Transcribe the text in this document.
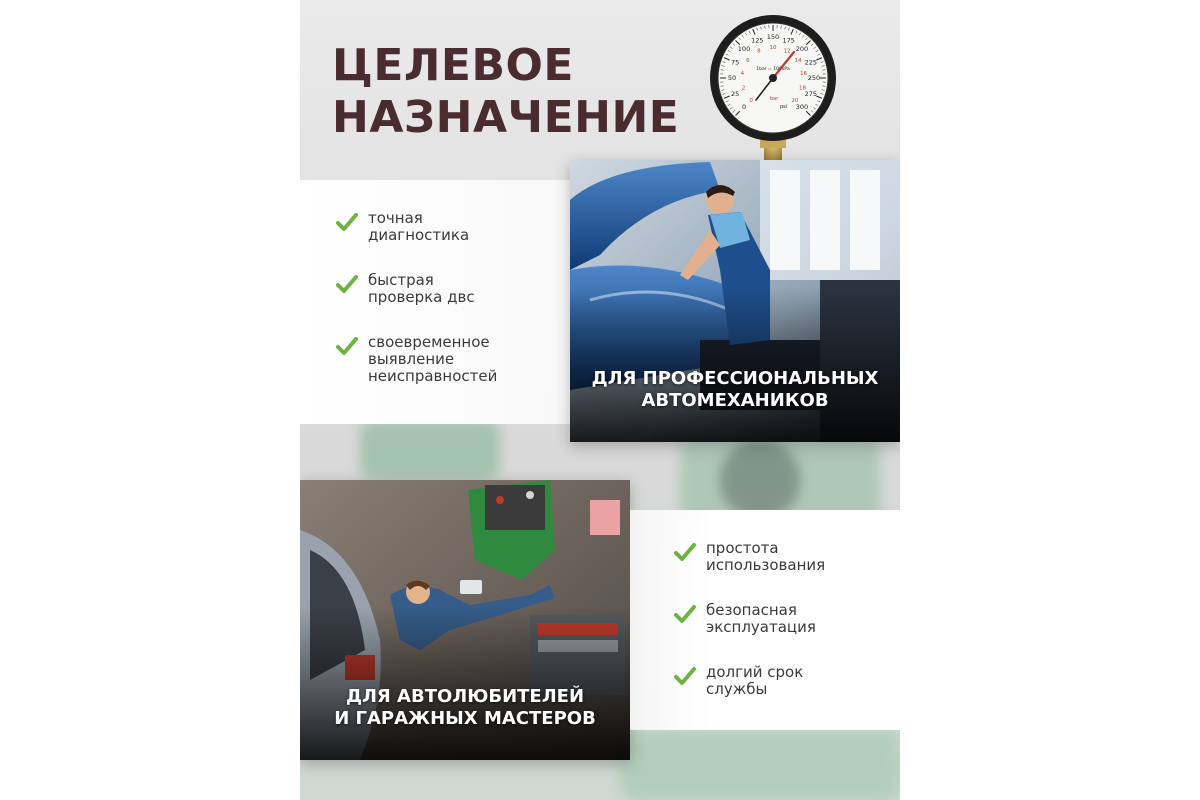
ЦЕЛЕВОЕ
НАЗНАЧЕНИЕ	0
25
50
75
100
125 150 175
200
225
250
275
300
0
2
4
6
8
10
12
14
16
18
20
1bar = 100kPa
bar
psi
точная
диагностика
быстрая
проверка двс
своевременное
выявление
неисправностей	ДЛЯ ПРОФЕССИОНАЛЬНЫХ
АВТОМЕХАНИКОВ
ДЛЯ АВТОЛЮБИТЕЛЕЙ
И ГАРАЖНЫХ МАСТЕРОВ
простота
использования
безопасная
эксплуатация
долгий срок
службы
